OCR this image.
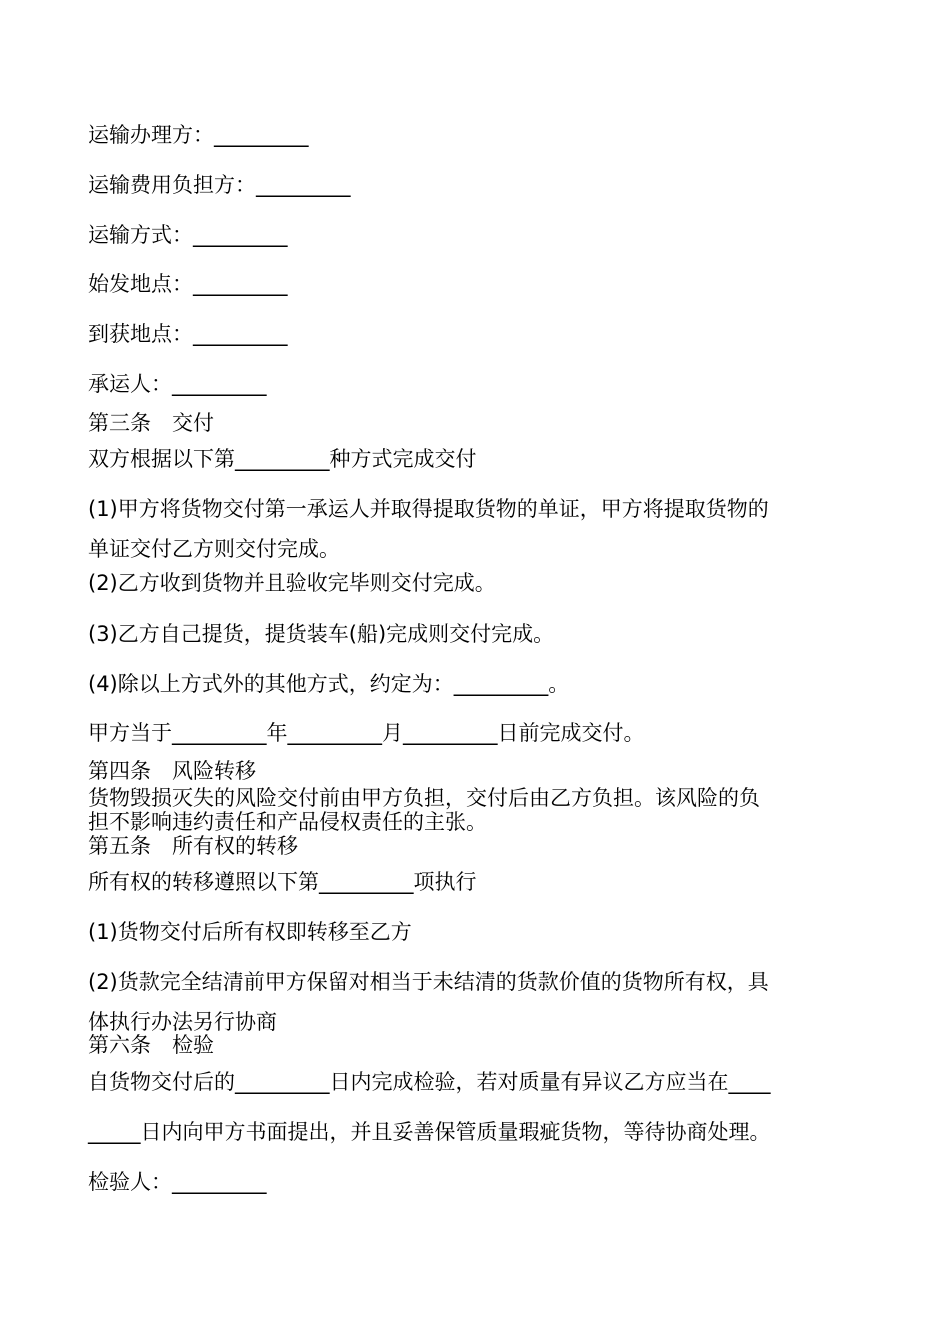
运输办理方：_________

运输费用负担方：_________

运输方式：_________

始发地点：_________

到获地点：_________

承运人：_________

第三条　交付

双方根据以下第_________种方式完成交付

(1)甲方将货物交付第一承运人并取得提取货物的单证，甲方将提取货物的

单证交付乙方则交付完成。

(2)乙方收到货物并且验收完毕则交付完成。

(3)乙方自己提货，提货装车(船)完成则交付完成。

(4)除以上方式外的其他方式，约定为：_________。

甲方当于_________年_________月_________日前完成交付。

第四条　风险转移

货物毁损灭失的风险交付前由甲方负担，交付后由乙方负担。该风险的负

担不影响违约责任和产品侵权责任的主张。

第五条　所有权的转移

所有权的转移遵照以下第_________项执行

(1)货物交付后所有权即转移至乙方

(2)货款完全结清前甲方保留对相当于未结清的货款价值的货物所有权，具

体执行办法另行协商

第六条　检验

自货物交付后的_________日内完成检验，若对质量有异议乙方应当在____

_____日内向甲方书面提出，并且妥善保管质量瑕疵货物，等待协商处理。

检验人：_________
